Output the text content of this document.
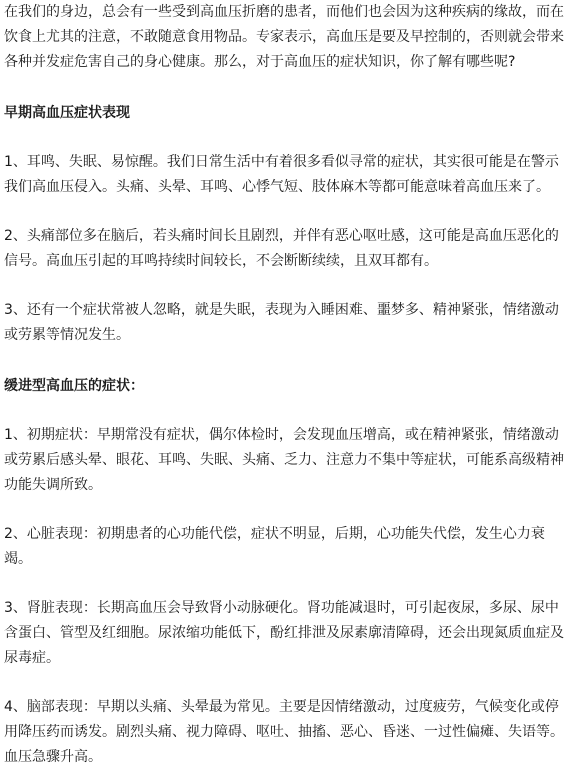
在我们的身边，总会有一些受到高血压折磨的患者，而他们也会因为这种疾病的缘故，而在饮食上尤其的注意，不敢随意食用物品。专家表示，高血压是要及早控制的，否则就会带来各种并发症危害自己的身心健康。那么，对于高血压的症状知识，你了解有哪些呢?

早期高血压症状表现

1、耳鸣、失眠、易惊醒。我们日常生活中有着很多看似寻常的症状，其实很可能是在警示我们高血压侵入。头痛、头晕、耳鸣、心悸气短、肢体麻木等都可能意味着高血压来了。

2、头痛部位多在脑后，若头痛时间长且剧烈，并伴有恶心呕吐感，这可能是高血压恶化的信号。高血压引起的耳鸣持续时间较长，不会断断续续，且双耳都有。

3、还有一个症状常被人忽略，就是失眠，表现为入睡困难、噩梦多、精神紧张，情绪激动或劳累等情况发生。

缓进型高血压的症状：

1、初期症状：早期常没有症状，偶尔体检时，会发现血压增高，或在精神紧张，情绪激动或劳累后感头晕、眼花、耳鸣、失眠、头痛、乏力、注意力不集中等症状，可能系高级精神功能失调所致。

2、心脏表现：初期患者的心功能代偿，症状不明显，后期，心功能失代偿，发生心力衰竭。

3、肾脏表现：长期高血压会导致肾小动脉硬化。肾功能减退时，可引起夜尿，多尿、尿中含蛋白、管型及红细胞。尿浓缩功能低下，酚红排泄及尿素廓清障碍，还会出现氮质血症及尿毒症。

4、脑部表现：早期以头痛、头晕最为常见。主要是因情绪激动，过度疲劳，气候变化或停用降压药而诱发。剧烈头痛、视力障碍、呕吐、抽搐、恶心、昏迷、一过性偏瘫、失语等。血压急骤升高。
